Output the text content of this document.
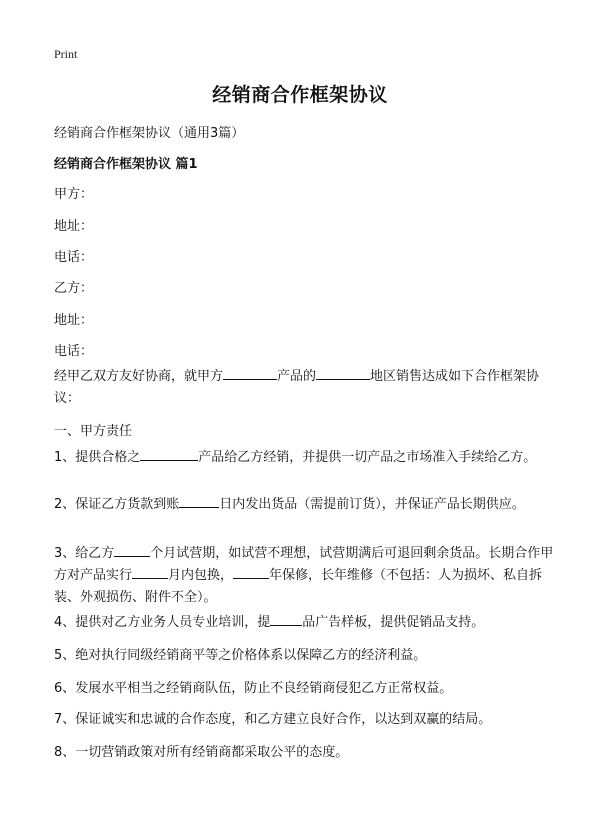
Print
经销商合作框架协议
经销商合作框架协议（通用3篇）
经销商合作框架协议 篇1
甲方：
地址：
电话：
乙方：
地址：
电话：
经甲乙双方友好协商，就甲方	产品的	地区销售达成如下合作框架协议：
一、甲方责任
1、提供合格之	产品给乙方经销，并提供一切产品之市场准入手续给乙方。
2、保证乙方货款到账	日内发出货品（需提前订货），并保证产品长期供应。
3、给乙方	个月试营期，如试营不理想，试营期满后可退回剩余货品。长期合作甲方对产品实行	月内包换，	年保修，长年维修（不包括：人为损坏、私自拆装、外观损伤、附件不全）。
4、提供对乙方业务人员专业培训，提 品广告样板，提供促销品支持。
5、绝对执行同级经销商平等之价格体系以保障乙方的经济利益。
6、发展水平相当之经销商队伍，防止不良经销商侵犯乙方正常权益。
7、保证诚实和忠诚的合作态度，和乙方建立良好合作，以达到双赢的结局。
8、一切营销政策对所有经销商都采取公平的态度。
